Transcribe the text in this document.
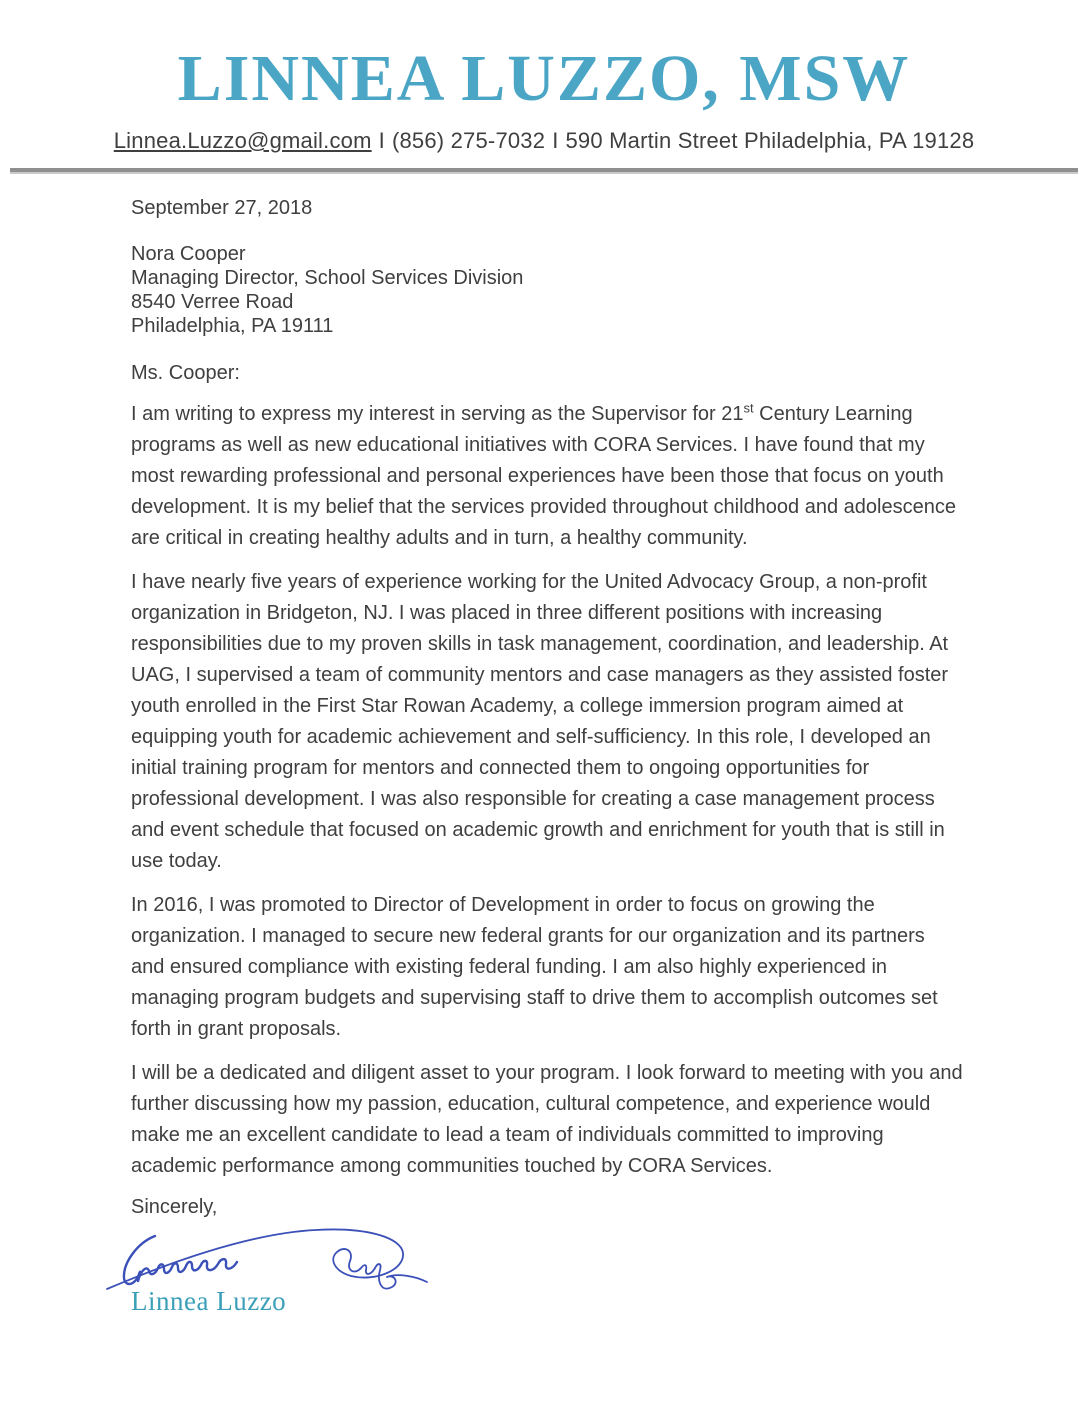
LINNEA LUZZO, MSW
Linnea.Luzzo@gmail.com I (856) 275-7032 I 590 Martin Street Philadelphia, PA 19128

September 27, 2018

Nora Cooper
Managing Director, School Services Division
8540 Verree Road
Philadelphia, PA 19111

Ms. Cooper:

I am writing to express my interest in serving as the Supervisor for 21st Century Learning programs as well as new educational initiatives with CORA Services. I have found that my most rewarding professional and personal experiences have been those that focus on youth development. It is my belief that the services provided throughout childhood and adolescence are critical in creating healthy adults and in turn, a healthy community.

I have nearly five years of experience working for the United Advocacy Group, a non-profit organization in Bridgeton, NJ. I was placed in three different positions with increasing responsibilities due to my proven skills in task management, coordination, and leadership. At UAG, I supervised a team of community mentors and case managers as they assisted foster youth enrolled in the First Star Rowan Academy, a college immersion program aimed at equipping youth for academic achievement and self-sufficiency. In this role, I developed an initial training program for mentors and connected them to ongoing opportunities for professional development. I was also responsible for creating a case management process and event schedule that focused on academic growth and enrichment for youth that is still in use today.

In 2016, I was promoted to Director of Development in order to focus on growing the organization. I managed to secure new federal grants for our organization and its partners and ensured compliance with existing federal funding. I am also highly experienced in managing program budgets and supervising staff to drive them to accomplish outcomes set forth in grant proposals.

I will be a dedicated and diligent asset to your program. I look forward to meeting with you and further discussing how my passion, education, cultural competence, and experience would make me an excellent candidate to lead a team of individuals committed to improving academic performance among communities touched by CORA Services.

Sincerely,

Linnea Luzzo
